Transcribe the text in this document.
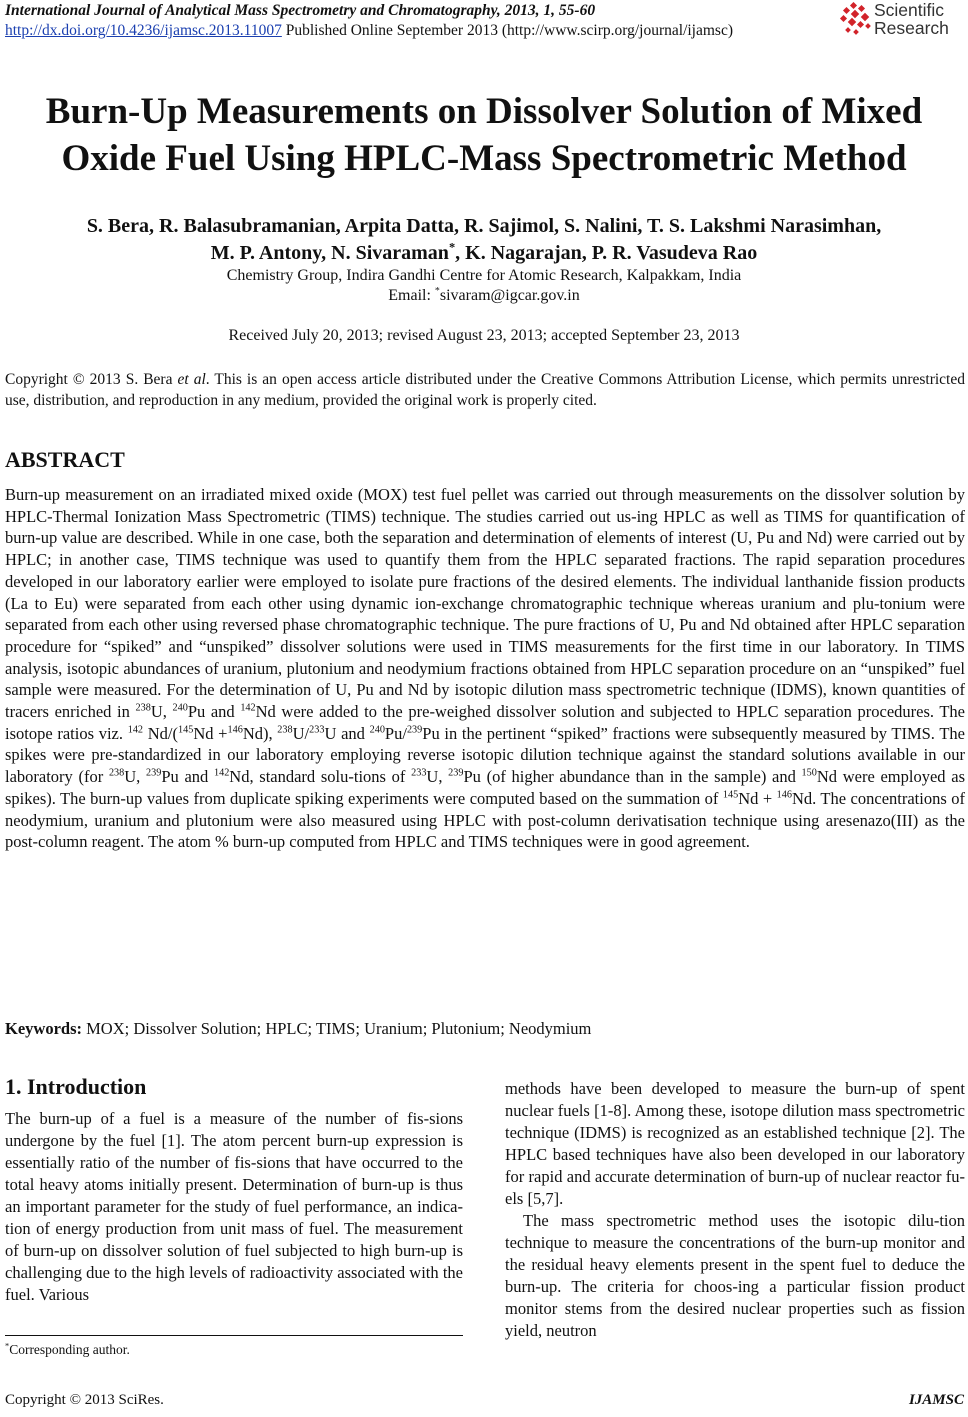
International Journal of Analytical Mass Spectrometry and Chromatography, 2013, 1, 55-60
http://dx.doi.org/10.4236/ijamsc.2013.11007 Published Online September 2013 (http://www.scirp.org/journal/ijamsc)
Scientific
Research
Burn-Up Measurements on Dissolver Solution of Mixed
Oxide Fuel Using HPLC-Mass Spectrometric Method
S. Bera, R. Balasubramanian, Arpita Datta, R. Sajimol, S. Nalini, T. S. Lakshmi Narasimhan,
M. P. Antony, N. Sivaraman*, K. Nagarajan, P. R. Vasudeva Rao
Chemistry Group, Indira Gandhi Centre for Atomic Research, Kalpakkam, India
Email: *sivaram@igcar.gov.in
Received July 20, 2013; revised August 23, 2013; accepted September 23, 2013
Copyright © 2013 S. Bera et al. This is an open access article distributed under the Creative Commons Attribution License, which permits unrestricted use, distribution, and reproduction in any medium, provided the original work is properly cited.
ABSTRACT
Burn-up measurement on an irradiated mixed oxide (MOX) test fuel pellet was carried out through measurements on the dissolver solution by HPLC-Thermal Ionization Mass Spectrometric (TIMS) technique. The studies carried out us-ing HPLC as well as TIMS for quantification of burn-up value are described. While in one case, both the separation and determination of elements of interest (U, Pu and Nd) were carried out by HPLC; in another case, TIMS technique was used to quantify them from the HPLC separated fractions. The rapid separation procedures developed in our laboratory earlier were employed to isolate pure fractions of the desired elements. The individual lanthanide fission products (La to Eu) were separated from each other using dynamic ion-exchange chromatographic technique whereas uranium and plu-tonium were separated from each other using reversed phase chromatographic technique. The pure fractions of U, Pu and Nd obtained after HPLC separation procedure for “spiked” and “unspiked” dissolver solutions were used in TIMS measurements for the first time in our laboratory. In TIMS analysis, isotopic abundances of uranium, plutonium and neodymium fractions obtained from HPLC separation procedure on an “unspiked” fuel sample were measured. For the determination of U, Pu and Nd by isotopic dilution mass spectrometric technique (IDMS), known quantities of tracers enriched in $^{238}$U, $^{240}$Pu and $^{142}$Nd were added to the pre-weighed dissolver solution and subjected to HPLC separation procedures. The isotope ratios viz. $^{142}$ Nd/($^{145}$Nd +$^{146}$Nd), $^{238}$U/$^{233}$U and $^{240}$Pu/$^{239}$Pu in the pertinent “spiked” fractions were subsequently measured by TIMS. The spikes were pre-standardized in our laboratory employing reverse isotopic dilution technique against the standard solutions available in our laboratory (for $^{238}$U, $^{239}$Pu and $^{142}$Nd, standard solu-tions of $^{233}$U, $^{239}$Pu (of higher abundance than in the sample) and $^{150}$Nd were employed as spikes). The burn-up values from duplicate spiking experiments were computed based on the summation of $^{145}$Nd + $^{146}$Nd. The concentrations of neodymium, uranium and plutonium were also measured using HPLC with post-column derivatisation technique using aresenazo(III) as the post-column reagent. The atom % burn-up computed from HPLC and TIMS techniques were in good agreement.
Keywords: MOX; Dissolver Solution; HPLC; TIMS; Uranium; Plutonium; Neodymium
1. Introduction
The burn-up of a fuel is a measure of the number of fis-sions undergone by the fuel [1]. The atom percent burn-up expression is essentially ratio of the number of fis-sions that have occurred to the total heavy atoms initially present. Determination of burn-up is thus an important parameter for the study of fuel performance, an indica-tion of energy production from unit mass of fuel. The measurement of burn-up on dissolver solution of fuel subjected to high burn-up is challenging due to the high levels of radioactivity associated with the fuel. Various

methods have been developed to measure the burn-up of spent nuclear fuels [1-8]. Among these, isotope dilution mass spectrometric technique (IDMS) is recognized as an established technique [2]. The HPLC based techniques have also been developed in our laboratory for rapid and accurate determination of burn-up of nuclear reactor fu-els [5,7].

The mass spectrometric method uses the isotopic dilu-tion technique to measure the concentrations of the burn-up monitor and the residual heavy elements present in the spent fuel to deduce the burn-up. The criteria for choos-ing a particular fission product monitor stems from the desired nuclear properties such as fission yield, neutron

*Corresponding author.
Copyright © 2013 SciRes.	IJAMSC
